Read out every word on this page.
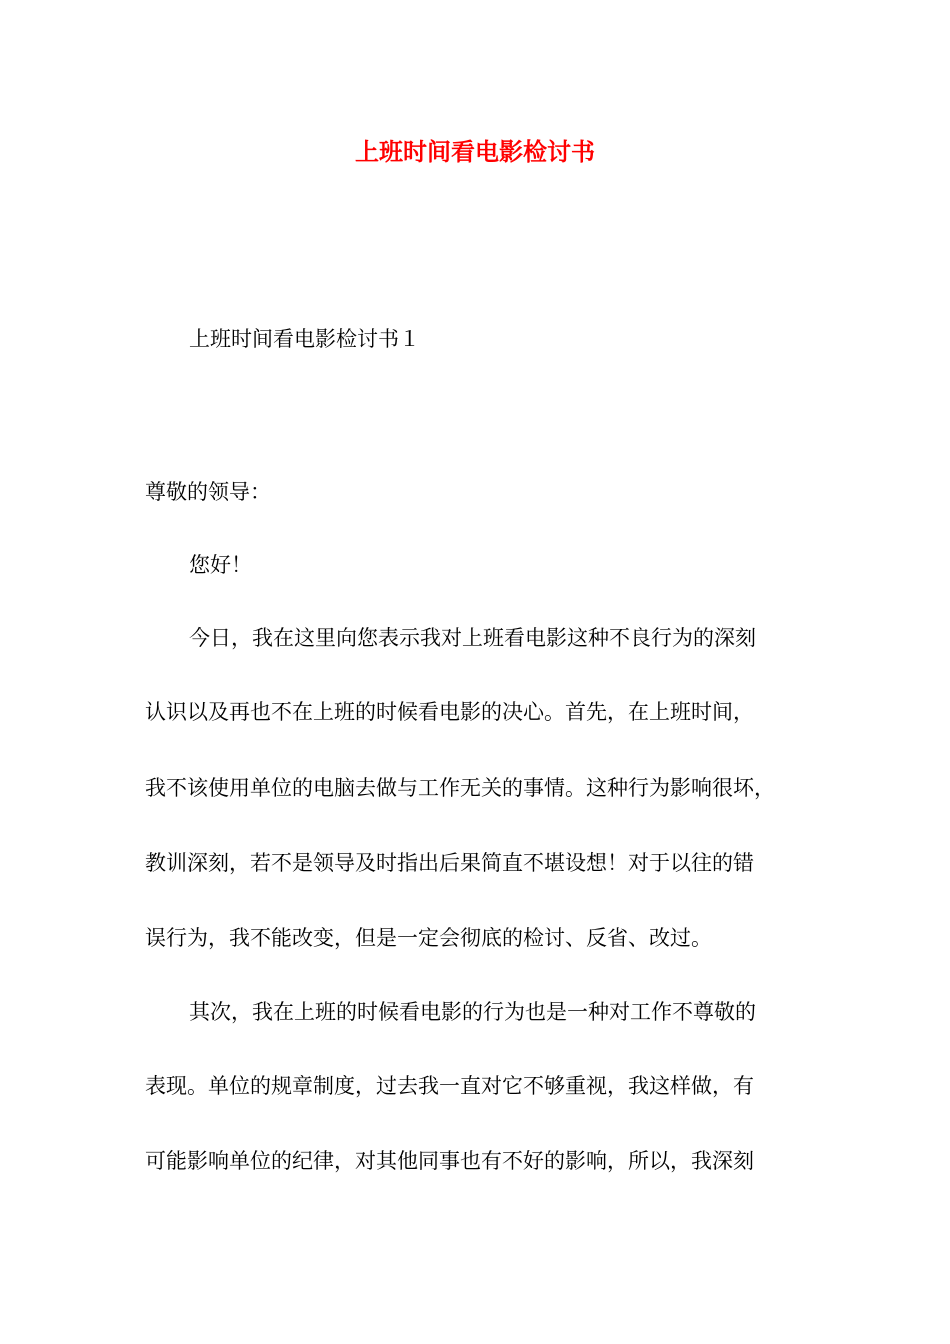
上班时间看电影检讨书
上班时间看电影检讨书１
尊敬的领导：
您好！
今日，我在这里向您表示我对上班看电影这种不良行为的深刻
认识以及再也不在上班的时候看电影的决心。首先，在上班时间，
我不该使用单位的电脑去做与工作无关的事情。这种行为影响很坏，
教训深刻，若不是领导及时指出后果简直不堪设想！对于以往的错
误行为，我不能改变，但是一定会彻底的检讨、反省、改过。
其次，我在上班的时候看电影的行为也是一种对工作不尊敬的
表现。单位的规章制度，过去我一直对它不够重视，我这样做，有
可能影响单位的纪律，对其他同事也有不好的影响，所以，我深刻
